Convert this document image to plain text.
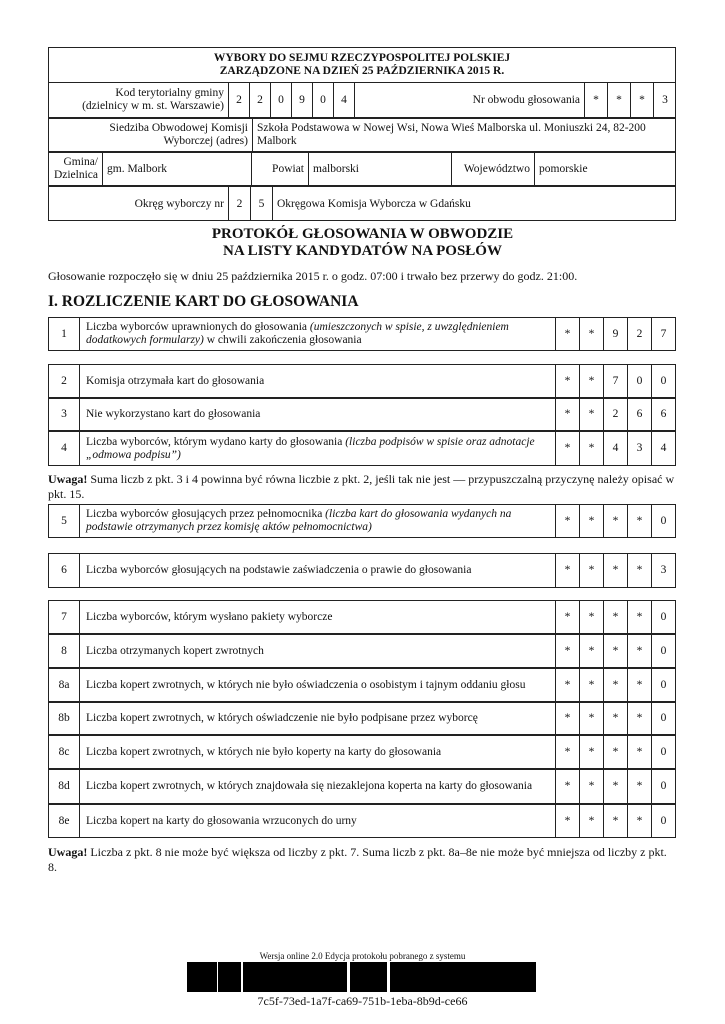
WYBORY DO SEJMU RZECZYPOSPOLITEJ POLSKIEJ
ZARZĄDZONE NA DZIEŃ 25 PAŹDZIERNIKA 2015 R.
Kod terytorialny gminy
(dzielnicy w m. st. Warszawie)
	2	2	0	9	0	4	Nr obwodu głosowania	*	*	*	3
Siedziba Obwodowej Komisji
Wyborczej (adres)
	Szkoła Podstawowa w Nowej Wsi, Nowa Wieś Malborska ul. Moniuszki 24, 82-200 Malbork
Gmina/
Dzielnica
	gm. Malbork	Powiat	malborski	Województwo	pomorskie
Okręg wyborczy nr	2	5	Okręgowa Komisja Wyborcza w Gdańsku
PROTOKÓŁ GŁOSOWANIA W OBWODZIE
NA LISTY KANDYDATÓW NA POSŁÓW
Głosowanie rozpoczęło się w dniu 25 października 2015 r. o godz. 07:00 i trwało bez przerwy do godz. 21:00.
I. ROZLICZENIE KART DO GŁOSOWANIA
1	Liczba wyborców uprawnionych do głosowania (umieszczonych w spisie, z uwzględnieniem dodatkowych formularzy) w chwili zakończenia głosowania	*	*	9	2	7
2	Komisja otrzymała kart do głosowania	*	*	7	0	0
3	Nie wykorzystano kart do głosowania	*	*	2	6	6
4	Liczba wyborców, którym wydano karty do głosowania (liczba podpisów w spisie oraz adnotacje „odmowa podpisu”)	*	*	4	3	4
5	Liczba wyborców głosujących przez pełnomocnika (liczba kart do głosowania wydanych na podstawie otrzymanych przez komisję aktów pełnomocnictwa)	*	*	*	*	0
6	Liczba wyborców głosujących na podstawie zaświadczenia o prawie do głosowania	*	*	*	*	3
7	Liczba wyborców, którym wysłano pakiety wyborcze	*	*	*	*	0
8	Liczba otrzymanych kopert zwrotnych	*	*	*	*	0
8a	Liczba kopert zwrotnych, w których nie było oświadczenia o osobistym i tajnym oddaniu głosu	*	*	*	*	0
8b	Liczba kopert zwrotnych, w których oświadczenie nie było podpisane przez wyborcę	*	*	*	*	0
8c	Liczba kopert zwrotnych, w których nie było koperty na karty do głosowania	*	*	*	*	0
8d	Liczba kopert zwrotnych, w których znajdowała się niezaklejona koperta na karty do głosowania	*	*	*	*	0
8e	Liczba kopert na karty do głosowania wrzuconych do urny	*	*	*	*	0
Uwaga! Suma liczb z pkt. 3 i 4 powinna być równa liczbie z pkt. 2, jeśli tak nie jest — przypuszczalną przyczynę należy opisać w pkt. 15.
Uwaga! Liczba z pkt. 8 nie może być większa od liczby z pkt. 7. Suma liczb z pkt. 8a–8e nie może być mniejsza od liczby z pkt. 8.
Wersja online 2.0 Edycja protokołu pobranego z systemu
7c5f-73ed-1a7f-ca69-751b-1eba-8b9d-ce66
